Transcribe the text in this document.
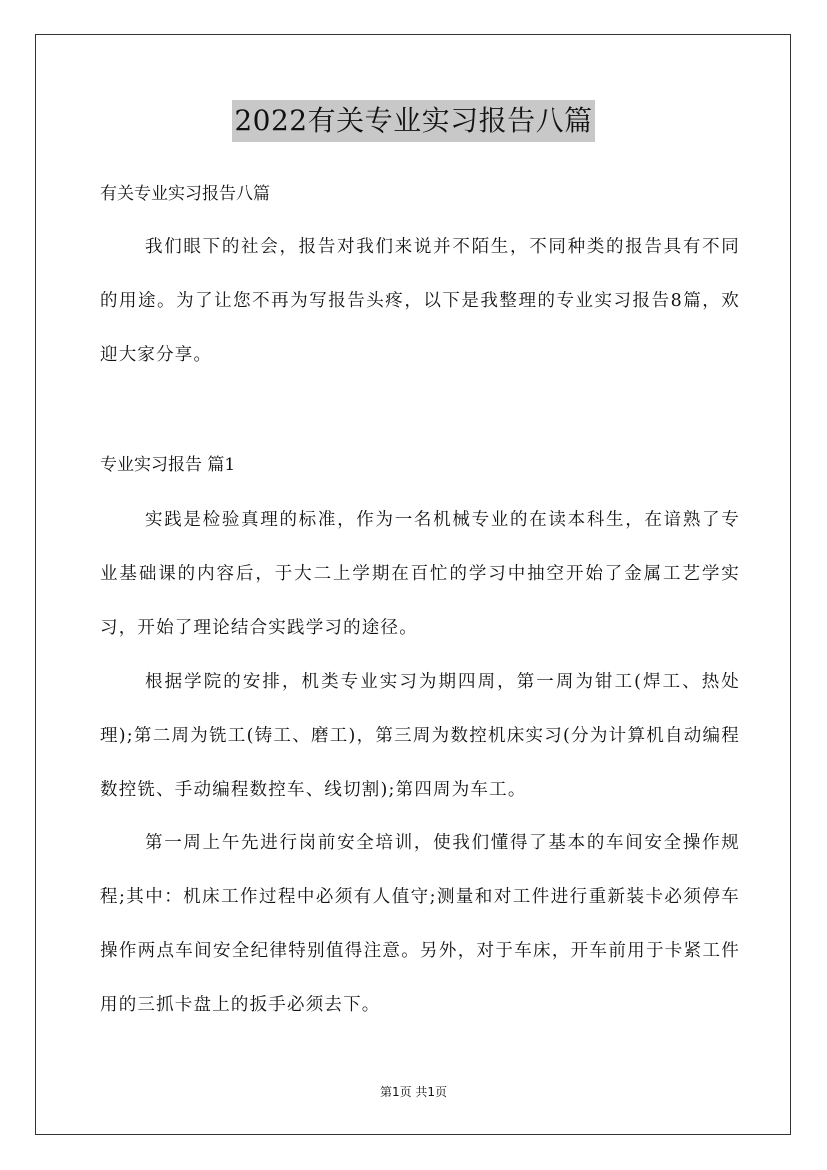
2022有关专业实习报告八篇

有关专业实习报告八篇

我们眼下的社会，报告对我们来说并不陌生，不同种类的报告具有不同的用途。为了让您不再为写报告头疼，以下是我整理的专业实习报告8篇，欢迎大家分享。

专业实习报告 篇1

实践是检验真理的标准，作为一名机械专业的在读本科生，在谙熟了专业基础课的内容后，于大二上学期在百忙的学习中抽空开始了金属工艺学实习，开始了理论结合实践学习的途径。

根据学院的安排，机类专业实习为期四周，第一周为钳工(焊工、热处理);第二周为铣工(铸工、磨工)，第三周为数控机床实习(分为计算机自动编程数控铣、手动编程数控车、线切割);第四周为车工。

第一周上午先进行岗前安全培训，使我们懂得了基本的车间安全操作规程;其中：机床工作过程中必须有人值守;测量和对工件进行重新装卡必须停车操作两点车间安全纪律特别值得注意。另外，对于车床，开车前用于卡紧工件用的三抓卡盘上的扳手必须去下。

第1页 共1页
